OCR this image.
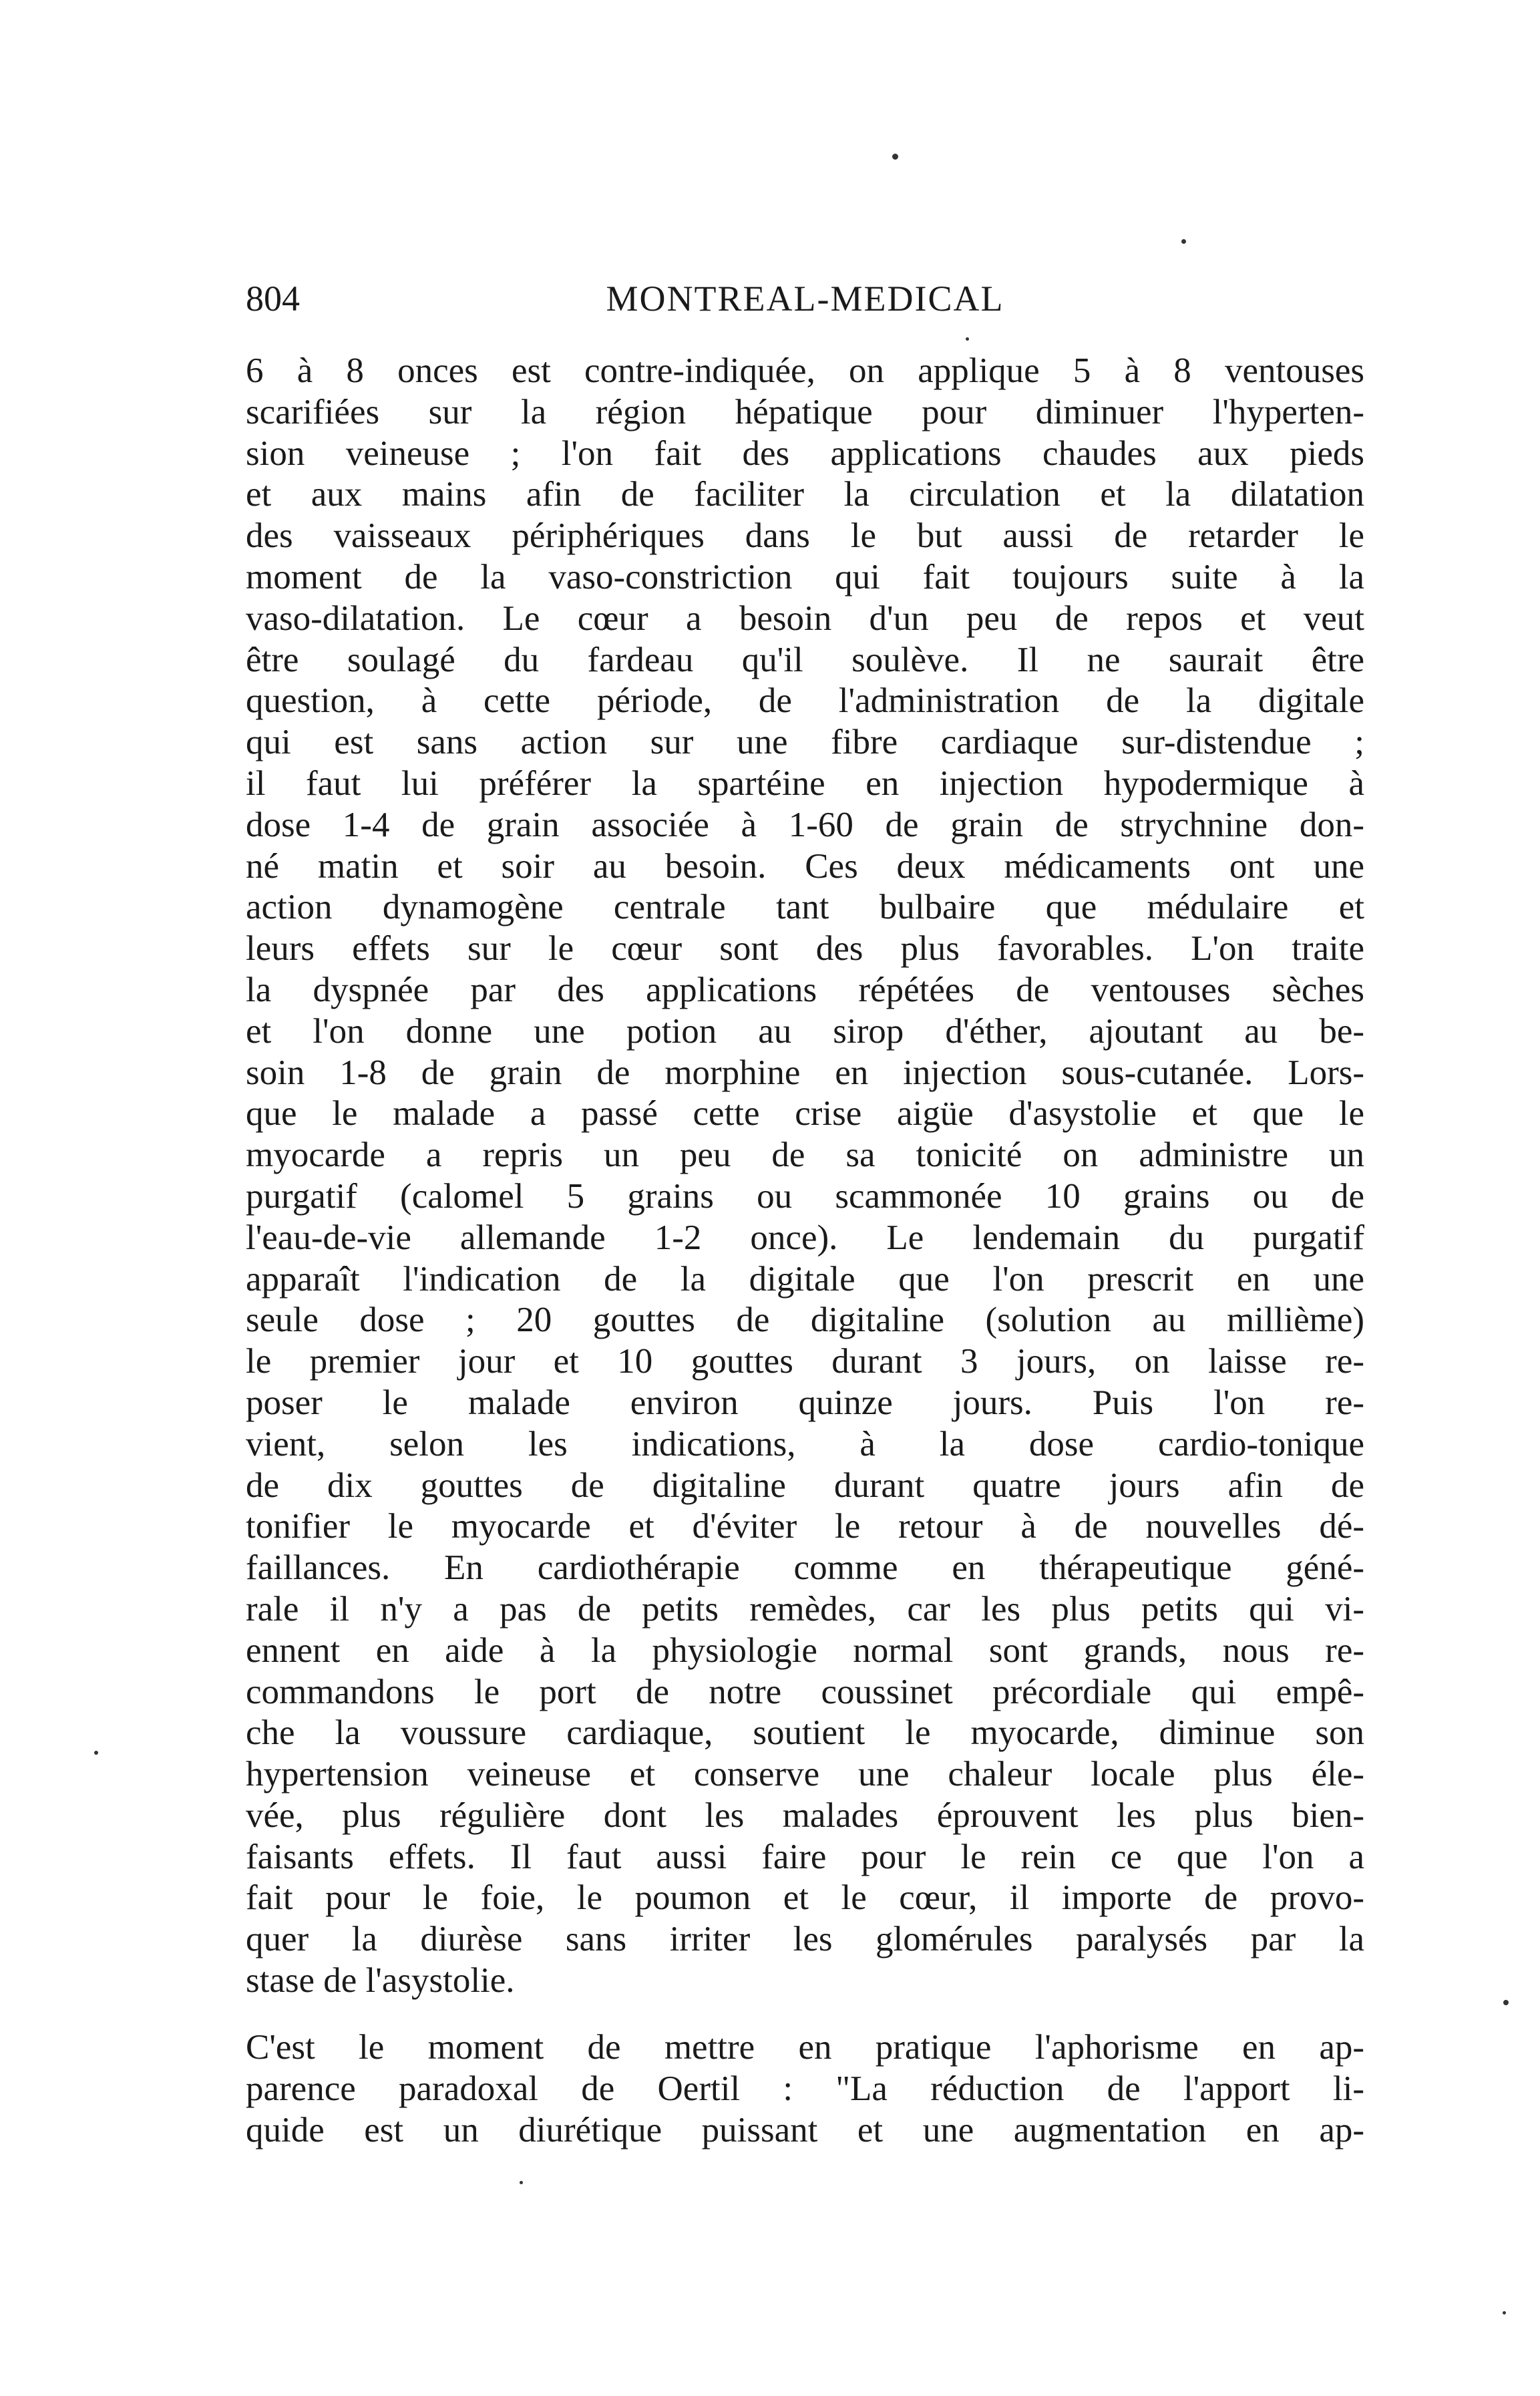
804	MONTREAL-MEDICAL
6 à 8 onces est contre-indiquée, on applique 5 à 8 ventouses
scarifiées sur la région hépatique pour diminuer l'hyperten-
sion veineuse ; l'on fait des applications chaudes aux pieds
et aux mains afin de faciliter la circulation et la dilatation
des vaisseaux périphériques dans le but aussi de retarder le
moment de la vaso-constriction qui fait toujours suite à la
vaso-dilatation. Le cœur a besoin d'un peu de repos et veut
être soulagé du fardeau qu'il soulève. Il ne saurait être
question, à cette période, de l'administration de la digitale
qui est sans action sur une fibre cardiaque sur-distendue ;
il faut lui préférer la spartéine en injection hypodermique à
dose 1-4 de grain associée à 1-60 de grain de strychnine don-
né matin et soir au besoin. Ces deux médicaments ont une
action dynamogène centrale tant bulbaire que médulaire et
leurs effets sur le cœur sont des plus favorables. L'on traite
la dyspnée par des applications répétées de ventouses sèches
et l'on donne une potion au sirop d'éther, ajoutant au be-
soin 1-8 de grain de morphine en injection sous-cutanée. Lors-
que le malade a passé cette crise aigüe d'asystolie et que le
myocarde a repris un peu de sa tonicité on administre un
purgatif (calomel 5 grains ou scammonée 10 grains ou de
l'eau-de-vie allemande 1-2 once). Le lendemain du purgatif
apparaît l'indication de la digitale que l'on prescrit en une
seule dose ; 20 gouttes de digitaline (solution au millième)
le premier jour et 10 gouttes durant 3 jours, on laisse re-
poser le malade environ quinze jours. Puis l'on re-
vient, selon les indications, à la dose cardio-tonique
de dix gouttes de digitaline durant quatre jours afin de
tonifier le myocarde et d'éviter le retour à de nouvelles dé-
faillances. En cardiothérapie comme en thérapeutique géné-
rale il n'y a pas de petits remèdes, car les plus petits qui vi-
ennent en aide à la physiologie normal sont grands, nous re-
commandons le port de notre coussinet précordiale qui empê-
che la voussure cardiaque, soutient le myocarde, diminue son
hypertension veineuse et conserve une chaleur locale plus éle-
vée, plus régulière dont les malades éprouvent les plus bien-
faisants effets. Il faut aussi faire pour le rein ce que l'on a
fait pour le foie, le poumon et le cœur, il importe de provo-
quer la diurèse sans irriter les glomérules paralysés par la
stase de l'asystolie.
C'est le moment de mettre en pratique l'aphorisme en ap-
parence paradoxal de Oertil : "La réduction de l'apport li-
quide est un diurétique puissant et une augmentation en ap-
